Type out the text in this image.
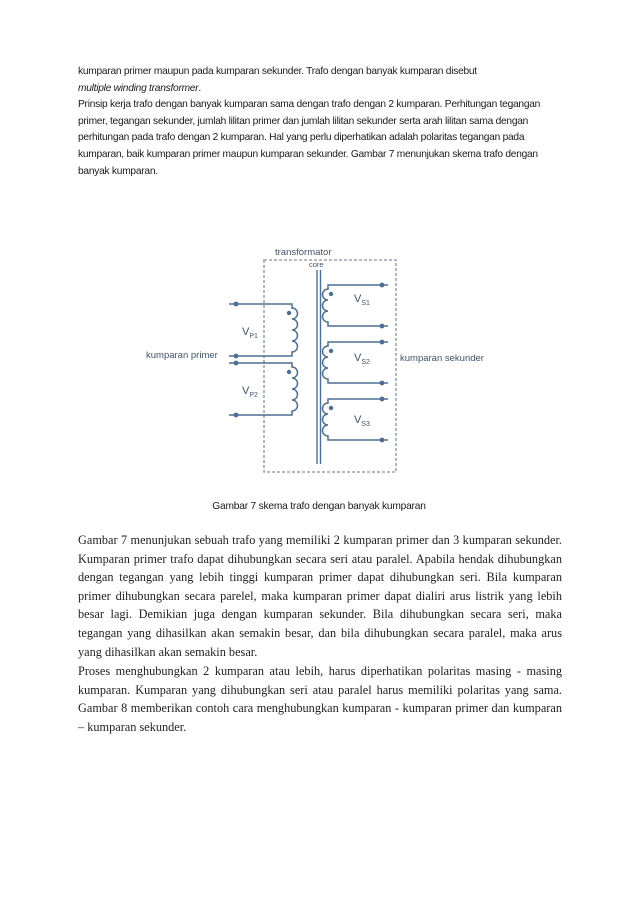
kumparan primer maupun pada kumparan sekunder. Trafo dengan banyak kumparan disebut

multiple winding transformer.

Prinsip kerja trafo dengan banyak kumparan sama dengan trafo dengan 2 kumparan. Perhitungan tegangan primer, tegangan sekunder, jumlah lilitan primer dan jumlah lilitan sekunder serta arah lilitan sama dengan perhitungan pada trafo dengan 2 kumparan. Hal yang perlu diperhatikan adalah polaritas tegangan pada kumparan, baik kumparan primer maupun kumparan sekunder. Gambar 7 menunjukan skema trafo dengan banyak kumparan.

transformator
core
$V_{P1}$
$V_{P2}$
$V_{S1}$
$V_{S2}$
$V_{S3}$
kumparan primer	kumparan sekunder
Gambar 7 skema trafo dengan banyak kumparan

Gambar 7 menunjukan sebuah trafo yang memiliki 2 kumparan primer dan 3 kumparan sekunder. Kumparan primer trafo dapat dihubungkan secara seri atau paralel. Apabila hendak dihubungkan dengan tegangan yang lebih tinggi kumparan primer dapat dihubungkan seri. Bila kumparan primer dihubungkan secara parelel, maka kumparan primer dapat dialiri arus listrik yang lebih besar lagi. Demikian juga dengan kumparan sekunder. Bila dihubungkan secara seri, maka tegangan yang dihasilkan akan semakin besar, dan bila dihubungkan secara paralel, maka arus yang dihasilkan akan semakin besar.

Proses menghubungkan 2 kumparan atau lebih, harus diperhatikan polaritas masing - masing kumparan. Kumparan yang dihubungkan seri atau paralel harus memiliki polaritas yang sama. Gambar 8 memberikan contoh cara menghubungkan kumparan - kumparan primer dan kumparan – kumparan sekunder.
